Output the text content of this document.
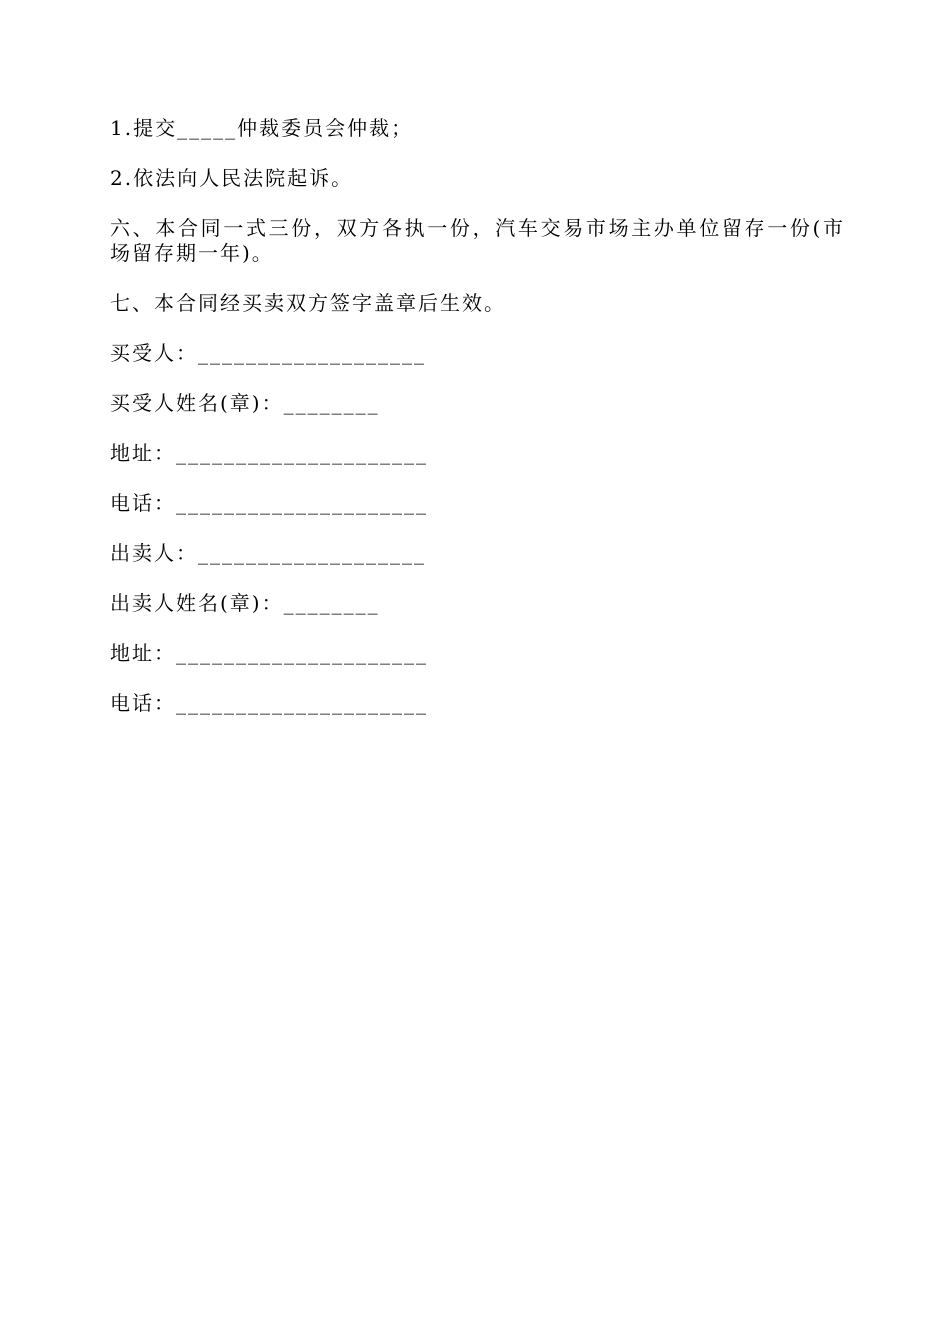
1.提交_____仲裁委员会仲裁；
2.依法向人民法院起诉。
六、本合同一式三份，双方各执一份，汽车交易市场主办单位留存一份(市场留存期一年)。
七、本合同经买卖双方签字盖章后生效。
买受人：___________________
买受人姓名(章)：________
地址：_____________________
电话：_____________________
出卖人：___________________
出卖人姓名(章)：________
地址：_____________________
电话：_____________________
